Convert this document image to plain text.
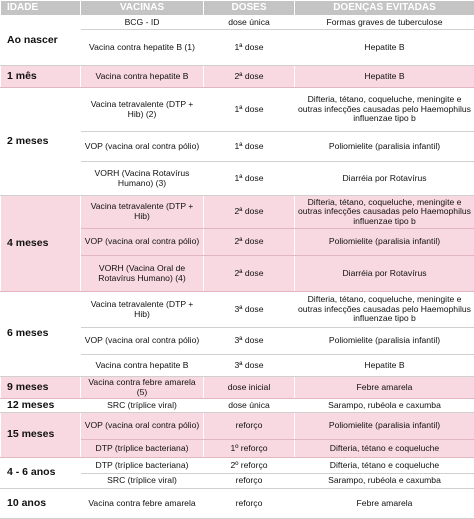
IDADE	VACINAS	DOSES	DOENÇAS EVITADAS
Ao nascer	BCG - ID	dose única	Formas graves de tuberculose
	Vacina contra hepatite B (1)	1ª dose	Hepatite B
1 mês	Vacina contra hepatite B	2ª dose	Hepatite B
2 meses	Vacina tetravalente (DTP + Hib) (2)	1ª dose	Difteria, tétano, coqueluche, meningite e outras infecções causadas pelo Haemophilus influenzae tipo b
	VOP (vacina oral contra pólio)	1ª dose	Poliomielite (paralisia infantil)
	VORH (Vacina Rotavírus Humano) (3)	1ª dose	Diarréia por Rotavírus
4 meses	Vacina tetravalente (DTP + Hib)	2ª dose	Difteria, tétano, coqueluche, meningite e outras infecções causadas pelo Haemophilus influenzae tipo b
	VOP (vacina oral contra pólio)	2ª dose	Poliomielite (paralisia infantil)
	VORH (Vacina Oral de Rotavírus Humano) (4)	2ª dose	Diarréia por Rotavírus
6 meses	Vacina tetravalente (DTP + Hib)	3ª dose	Difteria, tétano, coqueluche, meningite e outras infecções causadas pelo Haemophilus influenzae tipo b
	VOP (vacina oral contra pólio)	3ª dose	Poliomielite (paralisia infantil)
	Vacina contra hepatite B	3ª dose	Hepatite B
9 meses	Vacina contra febre amarela (5)	dose inicial	Febre amarela
12 meses	SRC (tríplice viral)	dose única	Sarampo, rubéola e caxumba
15 meses	VOP (vacina oral contra pólio)	reforço	Poliomielite (paralisia infantil)
	DTP (tríplice bacteriana)	1º reforço	Difteria, tétano e coqueluche
4 - 6 anos	DTP (tríplice bacteriana)	2º reforço	Difteria, tétano e coqueluche
	SRC (tríplice viral)	reforço	Sarampo, rubéola e caxumba
10 anos	Vacina contra febre amarela	reforço	Febre amarela
